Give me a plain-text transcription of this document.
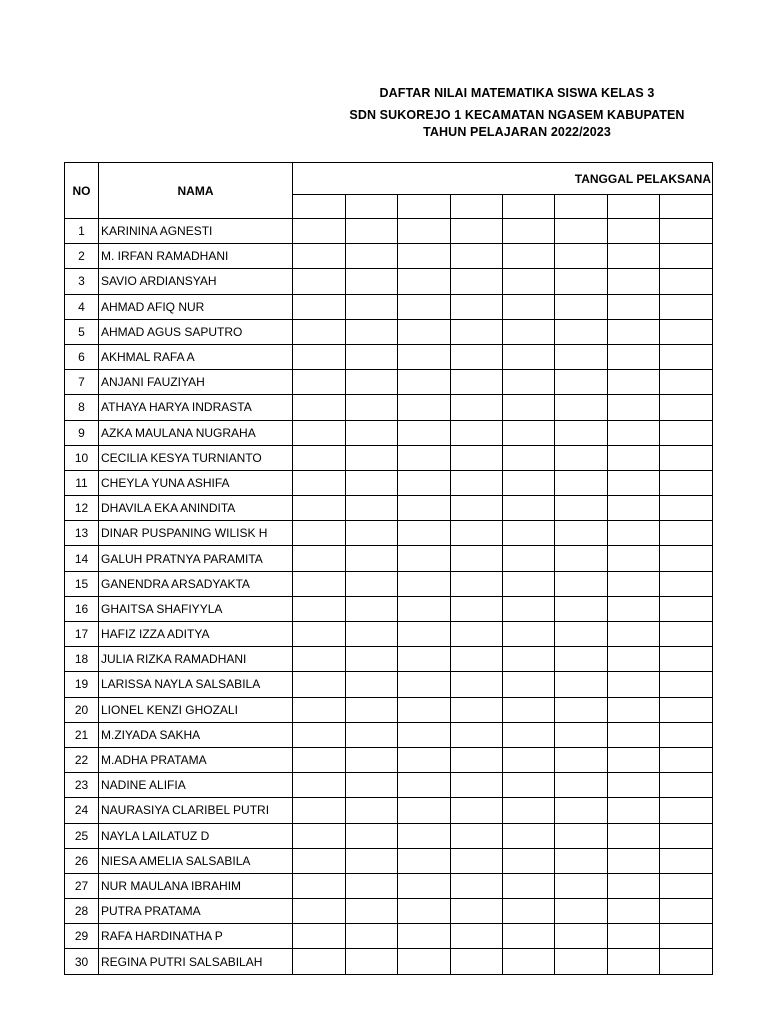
DAFTAR NILAI MATEMATIKA SISWA KELAS 3
SDN SUKOREJO 1 KECAMATAN NGASEM KABUPATEN
TAHUN PELAJARAN 2022/2023
NO	NAMA	TANGGAL PELAKSANA							

1	KARININA AGNESTI								
2	M. IRFAN RAMADHANI								
3	SAVIO ARDIANSYAH								
4	AHMAD AFIQ NUR								
5	AHMAD AGUS SAPUTRO								
6	AKHMAL RAFA A								
7	ANJANI FAUZIYAH								
8	ATHAYA HARYA INDRASTA								
9	AZKA MAULANA NUGRAHA								
10	CECILIA KESYA TURNIANTO								
11	CHEYLA YUNA ASHIFA								
12	DHAVILA EKA ANINDITA								
13	DINAR PUSPANING WILISK H								
14	GALUH PRATNYA PARAMITA								
15	GANENDRA ARSADYAKTA								
16	GHAITSA SHAFIYYLA								
17	HAFIZ IZZA ADITYA								
18	JULIA RIZKA RAMADHANI								
19	LARISSA NAYLA SALSABILA								
20	LIONEL KENZI GHOZALI								
21	M.ZIYADA SAKHA								
22	M.ADHA PRATAMA								
23	NADINE ALIFIA								
24	NAURASIYA CLARIBEL PUTRI								
25	NAYLA LAILATUZ D								
26	NIESA AMELIA SALSABILA								
27	NUR MAULANA IBRAHIM								
28	PUTRA PRATAMA								
29	RAFA HARDINATHA P								
30	REGINA PUTRI SALSABILAH								
